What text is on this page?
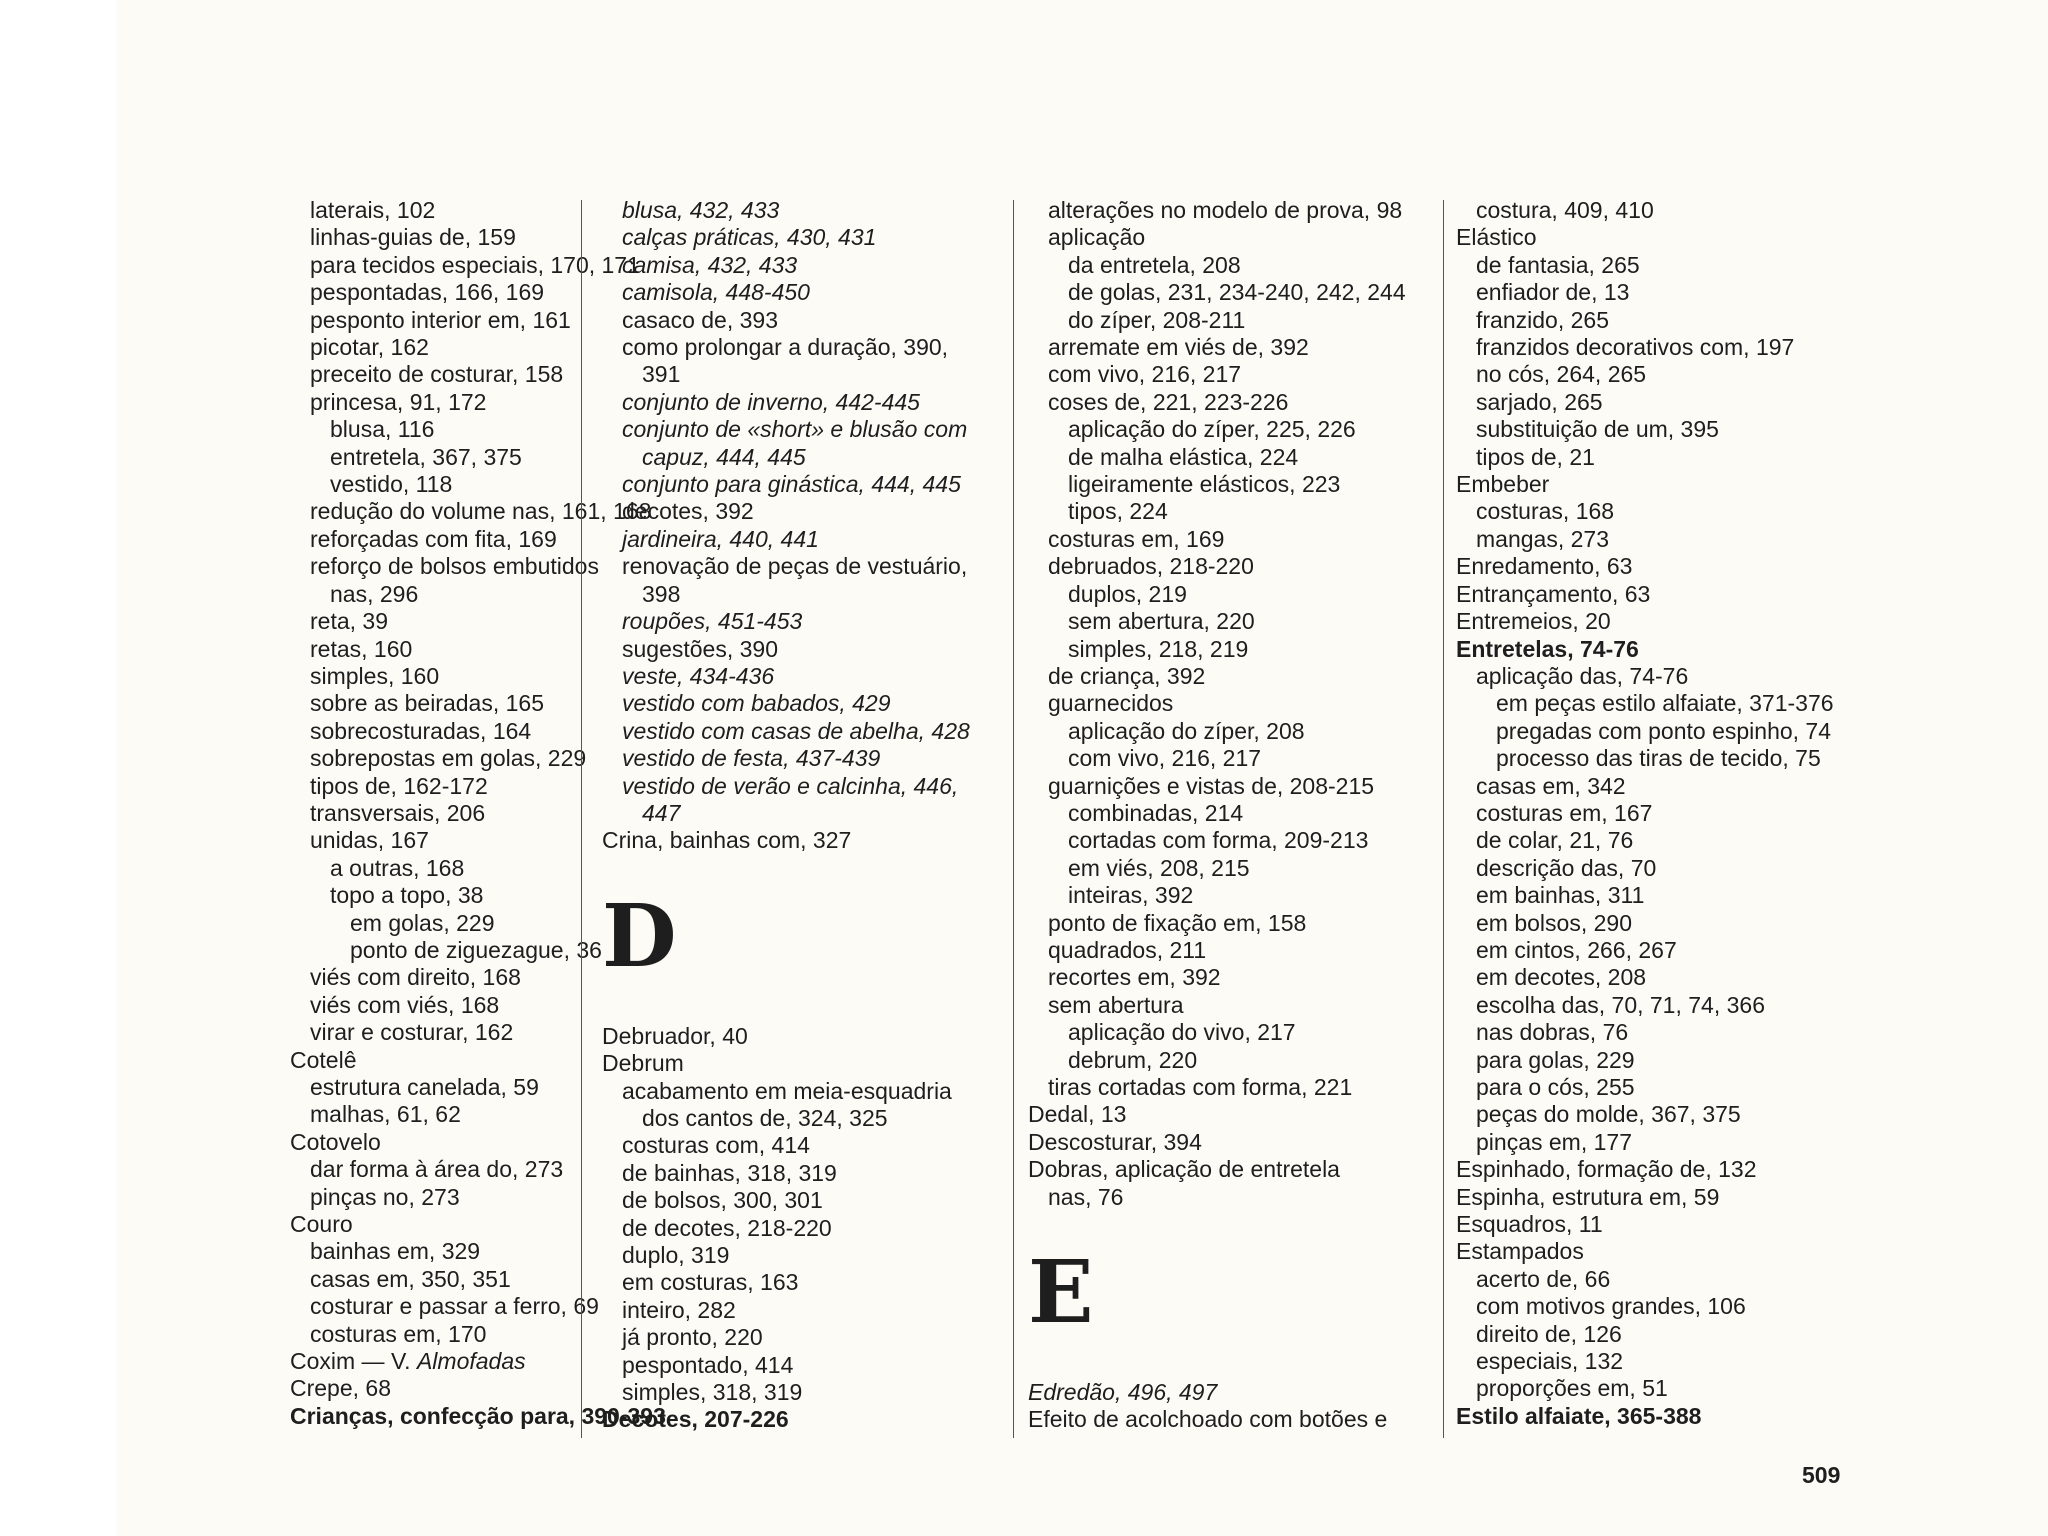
laterais, 102
linhas-guias de, 159
para tecidos especiais, 170, 171
pespontadas, 166, 169
pesponto interior em, 161
picotar, 162
preceito de costurar, 158
princesa, 91, 172
blusa, 116
entretela, 367, 375
vestido, 118
redução do volume nas, 161, 168
reforçadas com fita, 169
reforço de bolsos embutidos
nas, 296
reta, 39
retas, 160
simples, 160
sobre as beiradas, 165
sobrecosturadas, 164
sobrepostas em golas, 229
tipos de, 162-172
transversais, 206
unidas, 167
a outras, 168
topo a topo, 38
em golas, 229
ponto de ziguezague, 36
viés com direito, 168
viés com viés, 168
virar e costurar, 162
Cotelê
estrutura canelada, 59
malhas, 61, 62
Cotovelo
dar forma à área do, 273
pinças no, 273
Couro
bainhas em, 329
casas em, 350, 351
costurar e passar a ferro, 69
costuras em, 170
Coxim — V. Almofadas
Crepe, 68
Crianças, confecção para, 390-393
blusa, 432, 433
calças práticas, 430, 431
camisa, 432, 433
camisola, 448-450
casaco de, 393
como prolongar a duração, 390,
391
conjunto de inverno, 442-445
conjunto de «short» e blusão com
capuz, 444, 445
conjunto para ginástica, 444, 445
decotes, 392
jardineira, 440, 441
renovação de peças de vestuário,
398
roupões, 451-453
sugestões, 390
veste, 434-436
vestido com babados, 429
vestido com casas de abelha, 428
vestido de festa, 437-439
vestido de verão e calcinha, 446,
447
Crina, bainhas com, 327
D
Debruador, 40
Debrum
acabamento em meia-esquadria
dos cantos de, 324, 325
costuras com, 414
de bainhas, 318, 319
de bolsos, 300, 301
de decotes, 218-220
duplo, 319
em costuras, 163
inteiro, 282
já pronto, 220
pespontado, 414
simples, 318, 319
Decotes, 207-226
alterações no modelo de prova, 98
aplicação
da entretela, 208
de golas, 231, 234-240, 242, 244
do zíper, 208-211
arremate em viés de, 392
com vivo, 216, 217
coses de, 221, 223-226
aplicação do zíper, 225, 226
de malha elástica, 224
ligeiramente elásticos, 223
tipos, 224
costuras em, 169
debruados, 218-220
duplos, 219
sem abertura, 220
simples, 218, 219
de criança, 392
guarnecidos
aplicação do zíper, 208
com vivo, 216, 217
guarnições e vistas de, 208-215
combinadas, 214
cortadas com forma, 209-213
em viés, 208, 215
inteiras, 392
ponto de fixação em, 158
quadrados, 211
recortes em, 392
sem abertura
aplicação do vivo, 217
debrum, 220
tiras cortadas com forma, 221
Dedal, 13
Descosturar, 394
Dobras, aplicação de entretela
nas, 76
E
Edredão, 496, 497
Efeito de acolchoado com botões e
costura, 409, 410
Elástico
de fantasia, 265
enfiador de, 13
franzido, 265
franzidos decorativos com, 197
no cós, 264, 265
sarjado, 265
substituição de um, 395
tipos de, 21
Embeber
costuras, 168
mangas, 273
Enredamento, 63
Entrançamento, 63
Entremeios, 20
Entretelas, 74-76
aplicação das, 74-76
em peças estilo alfaiate, 371-376
pregadas com ponto espinho, 74
processo das tiras de tecido, 75
casas em, 342
costuras em, 167
de colar, 21, 76
descrição das, 70
em bainhas, 311
em bolsos, 290
em cintos, 266, 267
em decotes, 208
escolha das, 70, 71, 74, 366
nas dobras, 76
para golas, 229
para o cós, 255
peças do molde, 367, 375
pinças em, 177
Espinhado, formação de, 132
Espinha, estrutura em, 59
Esquadros, 11
Estampados
acerto de, 66
com motivos grandes, 106
direito de, 126
especiais, 132
proporções em, 51
Estilo alfaiate, 365-388
509
